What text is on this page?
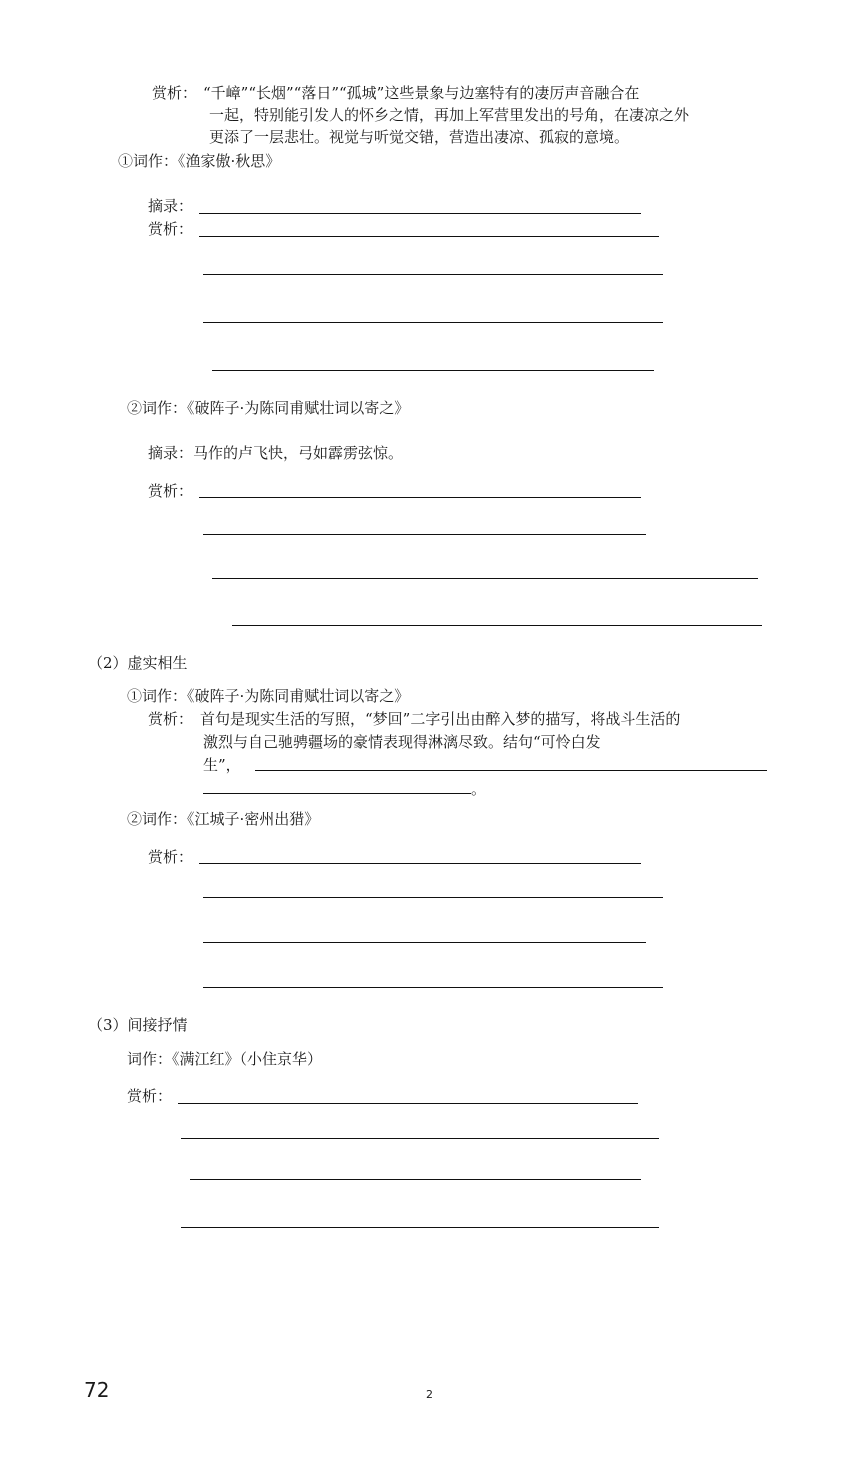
赏析： “千嶂”“长烟”“落日”“孤城”这些景象与边塞特有的凄厉声音融合在
一起，特别能引发人的怀乡之情，再加上军营里发出的号角，在凄凉之外
更添了一层悲壮。视觉与听觉交错，营造出凄凉、孤寂的意境。
①词作：《渔家傲·秋思》
摘录：
赏析：
②词作：《破阵子·为陈同甫赋壮词以寄之》
摘录：马作的卢飞快，弓如霹雳弦惊。
赏析：
（2）虚实相生
①词作：《破阵子·为陈同甫赋壮词以寄之》
赏析： 首句是现实生活的写照，“梦回”二字引出由醉入梦的描写，将战斗生活的
激烈与自己驰骋疆场的豪情表现得淋漓尽致。结句“可怜白发
生”，
。
②词作：《江城子·密州出猎》
赏析：
（3）间接抒情
词作：《满江红》（小住京华）
赏析：
72	2
